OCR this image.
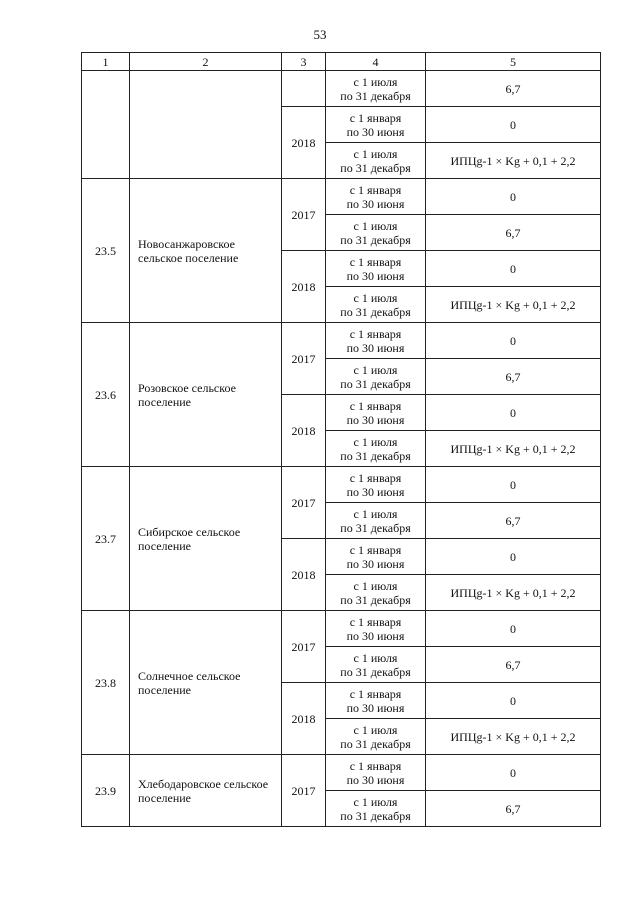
53
1	2	3	4	5

			с 1 июля
по 31 декабря	6,7
		2018	с 1 января
по 30 июня	0

			с 1 июля
по 31 декабря	ИПЦg-1 × Kg + 0,1 + 2,2
23.5	Новосанжаровское сельское поселение	2017	с 1 января
по 30 июня	0

			с 1 июля
по 31 декабря	6,7
		2018	с 1 января
по 30 июня	0

			с 1 июля
по 31 декабря	ИПЦg-1 × Kg + 0,1 + 2,2
23.6	Розовское сельское поселение	2017	с 1 января
по 30 июня	0

			с 1 июля
по 31 декабря	6,7
		2018	с 1 января
по 30 июня	0

			с 1 июля
по 31 декабря	ИПЦg-1 × Kg + 0,1 + 2,2
23.7	Сибирское сельское поселение	2017	с 1 января
по 30 июня	0

			с 1 июля
по 31 декабря	6,7
		2018	с 1 января
по 30 июня	0

			с 1 июля
по 31 декабря	ИПЦg-1 × Kg + 0,1 + 2,2
23.8	Солнечное сельское поселение	2017	с 1 января
по 30 июня	0

			с 1 июля
по 31 декабря	6,7
		2018	с 1 января
по 30 июня	0

			с 1 июля
по 31 декабря	ИПЦg-1 × Kg + 0,1 + 2,2
23.9	Хлебодаровское сельское поселение	2017	с 1 января
по 30 июня	0

			с 1 июля
по 31 декабря	6,7
